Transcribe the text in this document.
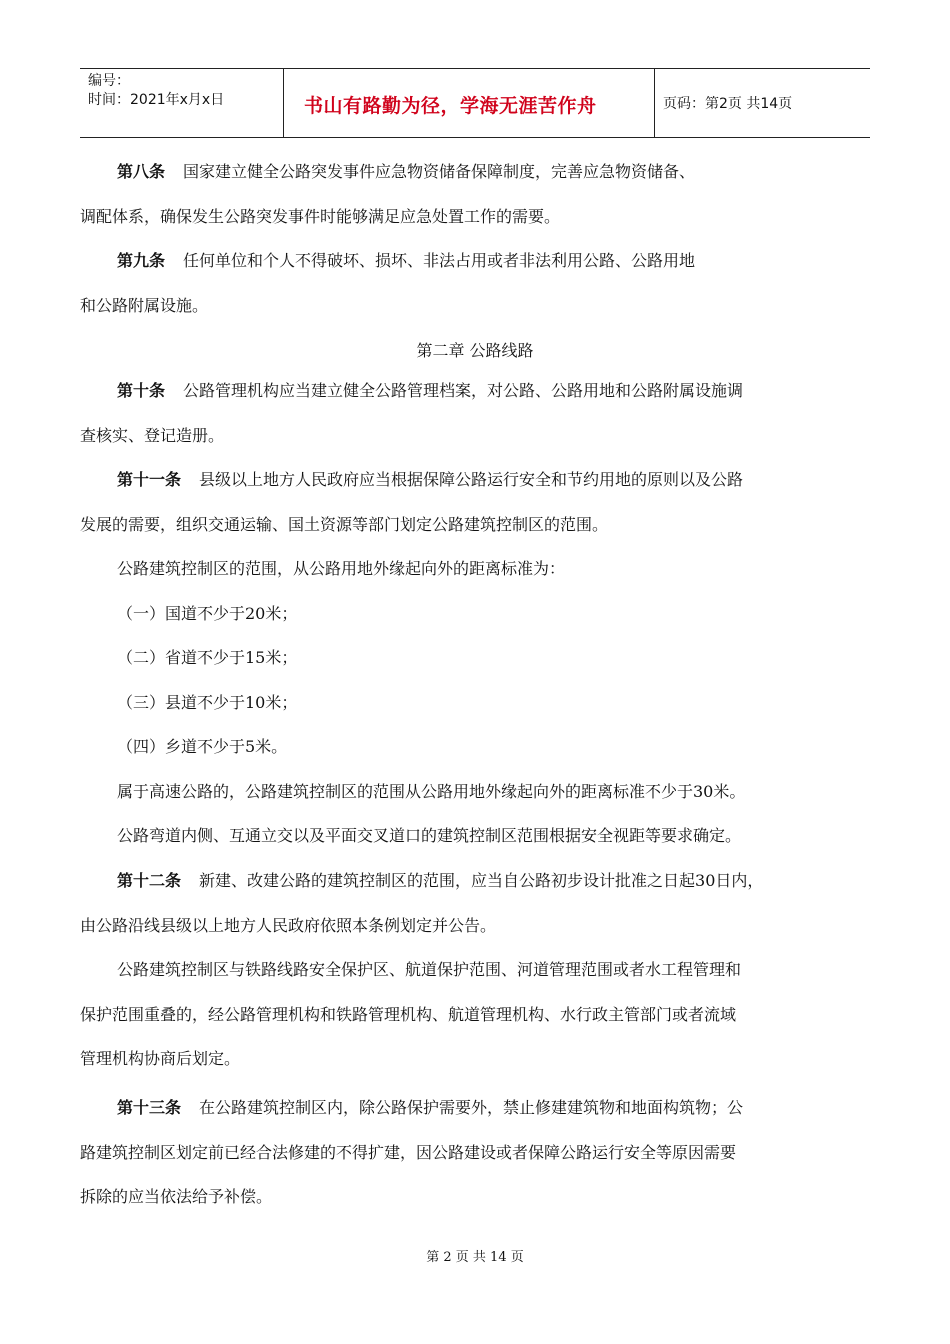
编号：
时间：2021年x月x日	书山有路勤为径，学海无涯苦作舟	页码：第2页 共14页

第八条 国家建立健全公路突发事件应急物资储备保障制度，完善应急物资储备、

调配体系，确保发生公路突发事件时能够满足应急处置工作的需要。

第九条 任何单位和个人不得破坏、损坏、非法占用或者非法利用公路、公路用地

和公路附属设施。

第二章 公路线路

第十条 公路管理机构应当建立健全公路管理档案，对公路、公路用地和公路附属设施调

查核实、登记造册。

第十一条 县级以上地方人民政府应当根据保障公路运行安全和节约用地的原则以及公路

发展的需要，组织交通运输、国土资源等部门划定公路建筑控制区的范围。

公路建筑控制区的范围，从公路用地外缘起向外的距离标准为：

（一）国道不少于20米；

（二）省道不少于15米；

（三）县道不少于10米；

（四）乡道不少于5米。

属于高速公路的，公路建筑控制区的范围从公路用地外缘起向外的距离标准不少于30米。

公路弯道内侧、互通立交以及平面交叉道口的建筑控制区范围根据安全视距等要求确定。

第十二条 新建、改建公路的建筑控制区的范围，应当自公路初步设计批准之日起30日内，

由公路沿线县级以上地方人民政府依照本条例划定并公告。

公路建筑控制区与铁路线路安全保护区、航道保护范围、河道管理范围或者水工程管理和

保护范围重叠的，经公路管理机构和铁路管理机构、航道管理机构、水行政主管部门或者流域

管理机构协商后划定。

第十三条 在公路建筑控制区内，除公路保护需要外，禁止修建建筑物和地面构筑物；公

路建筑控制区划定前已经合法修建的不得扩建，因公路建设或者保障公路运行安全等原因需要

拆除的应当依法给予补偿。

第 2 页 共 14 页
